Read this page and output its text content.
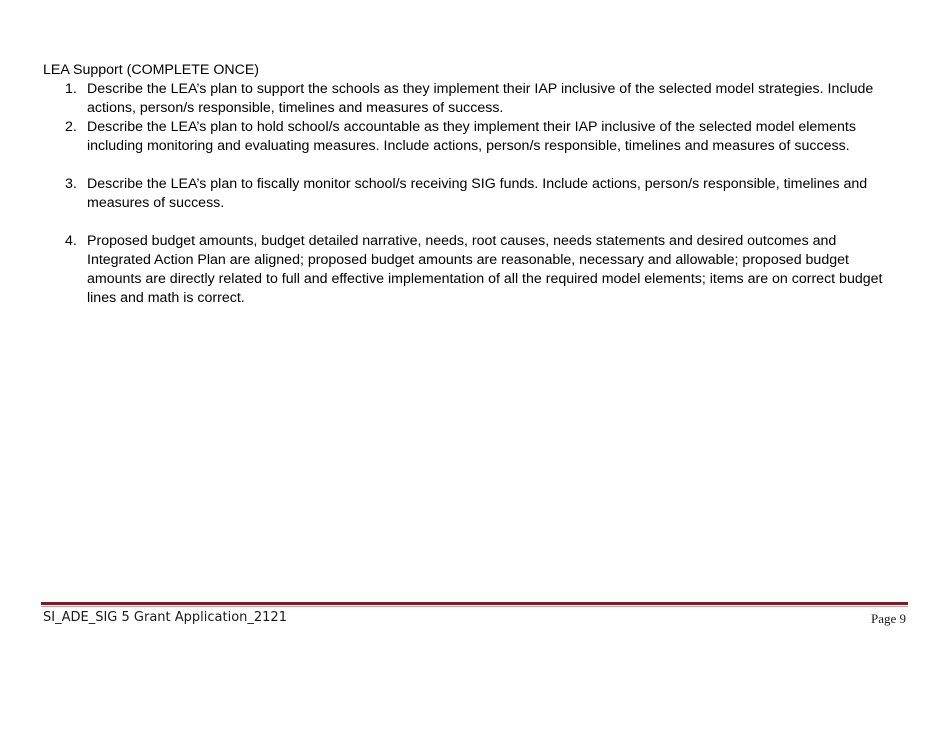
LEA Support (COMPLETE ONCE)

1. Describe the LEA’s plan to support the schools as they implement their IAP inclusive of the selected model strategies. Include actions, person/s responsible, timelines and measures of success.
2. Describe the LEA’s plan to hold school/s accountable as they implement their IAP inclusive of the selected model elements including monitoring and evaluating measures. Include actions, person/s responsible, timelines and measures of success.
3. Describe the LEA’s plan to fiscally monitor school/s receiving SIG funds. Include actions, person/s responsible, timelines and measures of success.
4. Proposed budget amounts, budget detailed narrative, needs, root causes, needs statements and desired outcomes and Integrated Action Plan are aligned; proposed budget amounts are reasonable, necessary and allowable; proposed budget amounts are directly related to full and effective implementation of all the required model elements; items are on correct budget lines and math is correct.
SI_ADE_SIG 5 Grant Application_2121	Page 9
